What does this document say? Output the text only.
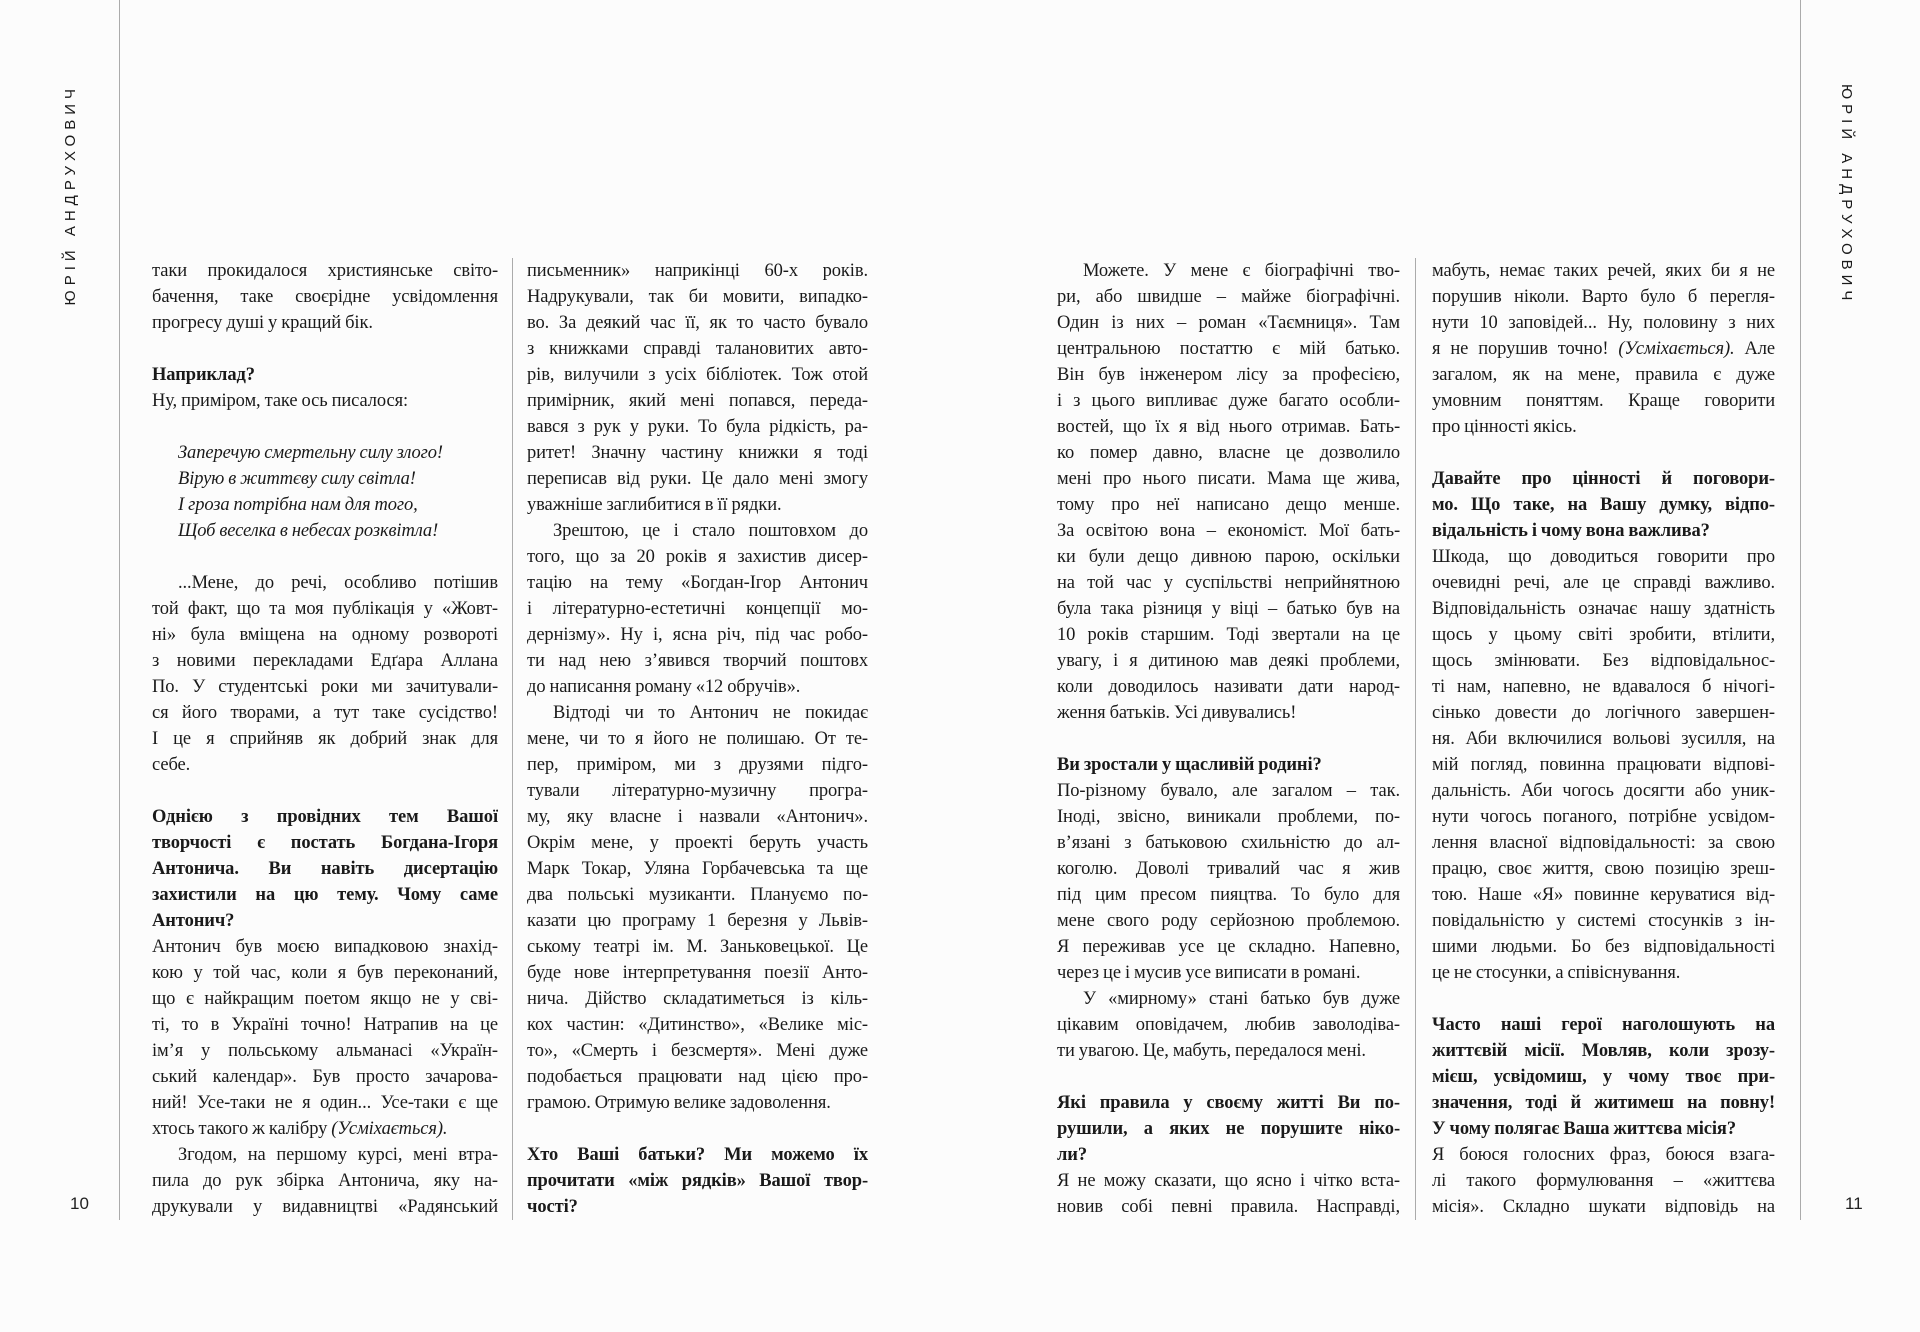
ЮРІЙ АНДРУХОВИЧ	ЮРІЙ АНДРУХОВИЧ
10	11
таки прокидалося християнське світо-
бачення, таке своєрідне усвідомлення
прогресу душі у кращий бік.
Наприклад?
Ну, приміром, таке ось писалося:
Заперечую смертельну силу злого!
Вірую в життєву силу світла!
І гроза потрібна нам для того,
Щоб веселка в небесах розквітла!
...Мене, до речі, особливо потішив
той факт, що та моя публікація у «Жовт-
ні» була вміщена на одному розвороті
з новими перекладами Едґара Аллана
По. У студентські роки ми зачитували-
ся його творами, а тут таке сусідство!
І це я сприйняв як добрий знак для
себе.
Однією з провідних тем Вашої
творчості є постать Богдана-Ігоря
Антонича. Ви навіть дисертацію
захистили на цю тему. Чому саме
Антонич?
Антонич був моєю випадковою знахід-
кою у той час, коли я був переконаний,
що є найкращим поетом якщо не у сві-
ті, то в Україні точно! Натрапив на це
ім’я у польському альманасі «Україн-
ський календар». Був просто зачарова-
ний! Усе-таки не я один... Усе-таки є ще
хтось такого ж калібру (Усміхається).
Згодом, на першому курсі, мені втра-
пила до рук збірка Антонича, яку на-
друкували у видавництві «Радянський
письменник» наприкінці 60-х років.
Надрукували, так би мовити, випадко-
во. За деякий час її, як то часто бувало
з книжками справді талановитих авто-
рів, вилучили з усіх бібліотек. Тож отой
примірник, який мені попався, переда-
вався з рук у руки. То була рідкість, ра-
ритет! Значну частину книжки я тоді
переписав від руки. Це дало мені змогу
уважніше заглибитися в її рядки.
Зрештою, це і стало поштовхом до
того, що за 20 років я захистив дисер-
тацію на тему «Богдан-Ігор Антонич
і літературно-естетичні концепції мо-
дернізму». Ну і, ясна річ, під час робо-
ти над нею з’явився творчий поштовх
до написання роману «12 обручів».
Відтоді чи то Антонич не покидає
мене, чи то я його не полишаю. От те-
пер, приміром, ми з друзями підго-
тували літературно-музичну програ-
му, яку власне і назвали «Антонич».
Окрім мене, у проекті беруть участь
Марк Токар, Уляна Горбачевська та ще
два польські музиканти. Плануємо по-
казати цю програму 1 березня у Львів-
ському театрі ім. М. Заньковецької. Це
буде нове інтерпретування поезії Анто-
нича. Дійство складатиметься із кіль-
кох частин: «Дитинство», «Велике міс-
то», «Смерть і безсмертя». Мені дуже
подобається працювати над цією про-
грамою. Отримую велике задоволення.
Хто Ваші батьки? Ми можемо їх
прочитати «між рядків» Вашої твор-
чості?
Можете. У мене є біографічні тво-
ри, або швидше – майже біографічні.
Один із них – роман «Таємниця». Там
центральною постаттю є мій батько.
Він був інженером лісу за професією,
і з цього випливає дуже багато особли-
востей, що їх я від нього отримав. Бать-
ко помер давно, власне це дозволило
мені про нього писати. Мама ще жива,
тому про неї написано дещо менше.
За освітою вона – економіст. Мої бать-
ки були дещо дивною парою, оскільки
на той час у суспільстві неприйнятною
була така різниця у віці – батько був на
10 років старшим. Тоді звертали на це
увагу, і я дитиною мав деякі проблеми,
коли доводилось називати дати народ-
ження батьків. Усі дивувались!
Ви зростали у щасливій родині?
По-різному бувало, але загалом – так.
Іноді, звісно, виникали проблеми, по-
в’язані з батьковою схильністю до ал-
коголю. Доволі тривалий час я жив
під цим пресом пияцтва. То було для
мене свого роду серйозною проблемою.
Я переживав усе це складно. Напевно,
через це і мусив усе виписати в романі.
У «мирному» стані батько був дуже
цікавим оповідачем, любив заволодіва-
ти увагою. Це, мабуть, передалося мені.
Які правила у своєму житті Ви по-
рушили, а яких не порушите ніко-
ли?
Я не можу сказати, що ясно і чітко вста-
новив собі певні правила. Насправді,
мабуть, немає таких речей, яких би я не
порушив ніколи. Варто було б перегля-
нути 10 заповідей... Ну, половину з них
я не порушив точно! (Усміхається). Але
загалом, як на мене, правила є дуже
умовним поняттям. Краще говорити
про цінності якісь.
Давайте про цінності й поговори-
мо. Що таке, на Вашу думку, відпо-
відальність і чому вона важлива?
Шкода, що доводиться говорити про
очевидні речі, але це справді важливо.
Відповідальність означає нашу здатність
щось у цьому світі зробити, втілити,
щось змінювати. Без відповідальнос-
ті нам, напевно, не вдавалося б нічогі-
сінько довести до логічного завершен-
ня. Аби включилися вольові зусилля, на
мій погляд, повинна працювати відпові-
дальність. Аби чогось досягти або уник-
нути чогось поганого, потрібне усвідом-
лення власної відповідальності: за свою
працю, своє життя, свою позицію зреш-
тою. Наше «Я» повинне керуватися від-
повідальністю у системі стосунків з ін-
шими людьми. Бо без відповідальності
це не стосунки, а співіснування.
Часто наші герої наголошують на
життєвій місії. Мовляв, коли зрозу-
мієш, усвідомиш, у чому твоє при-
значення, тоді й житимеш на повну!
У чому полягає Ваша життєва місія?
Я боюся голосних фраз, боюся взага-
лі такого формулювання – «життєва
місія». Складно шукати відповідь на
